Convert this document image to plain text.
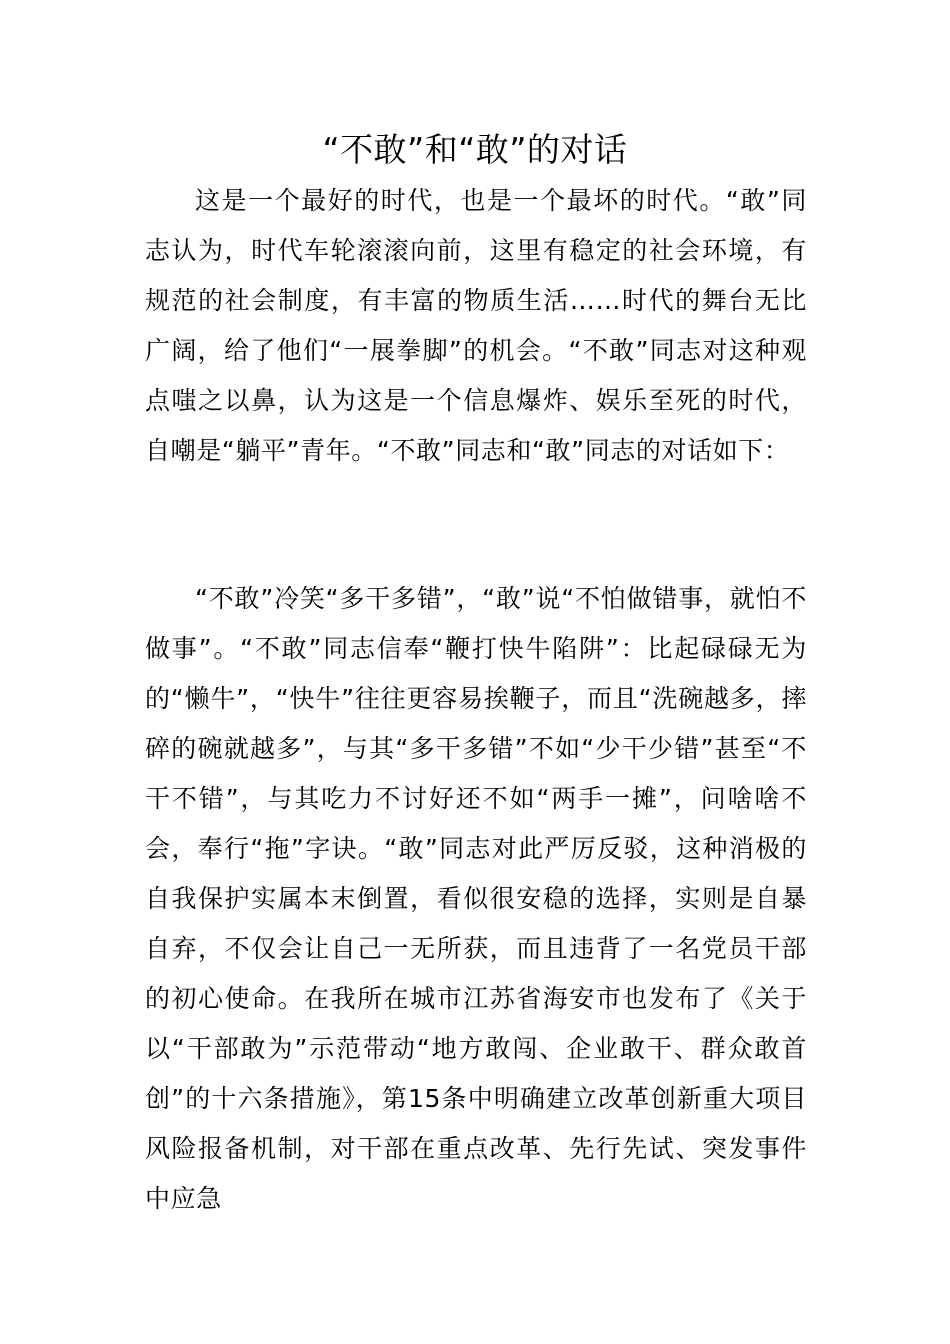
“不敢”和“敢”的对话

这是一个最好的时代，也是一个最坏的时代。“敢”同志认为，时代车轮滚滚向前，这里有稳定的社会环境，有规范的社会制度，有丰富的物质生活……时代的舞台无比广阔，给了他们“一展拳脚”的机会。“不敢”同志对这种观点嗤之以鼻，认为这是一个信息爆炸、娱乐至死的时代，自嘲是“躺平”青年。“不敢”同志和“敢”同志的对话如下：

“不敢”冷笑“多干多错”，“敢”说“不怕做错事，就怕不做事”。“不敢”同志信奉“鞭打快牛陷阱”：比起碌碌无为的“懒牛”，“快牛”往往更容易挨鞭子，而且“洗碗越多，摔碎的碗就越多”，与其“多干多错”不如“少干少错”甚至“不干不错”，与其吃力不讨好还不如“两手一摊”，问啥啥不会，奉行“拖”字诀。“敢”同志对此严厉反驳，这种消极的自我保护实属本末倒置，看似很安稳的选择，实则是自暴自弃，不仅会让自己一无所获，而且违背了一名党员干部的初心使命。在我所在城市江苏省海安市也发布了《关于以“干部敢为”示范带动“地方敢闯、企业敢干、群众敢首创”的十六条措施》，第15条中明确建立改革创新重大项目风险报备机制，对干部在重点改革、先行先试、突发事件中应急
